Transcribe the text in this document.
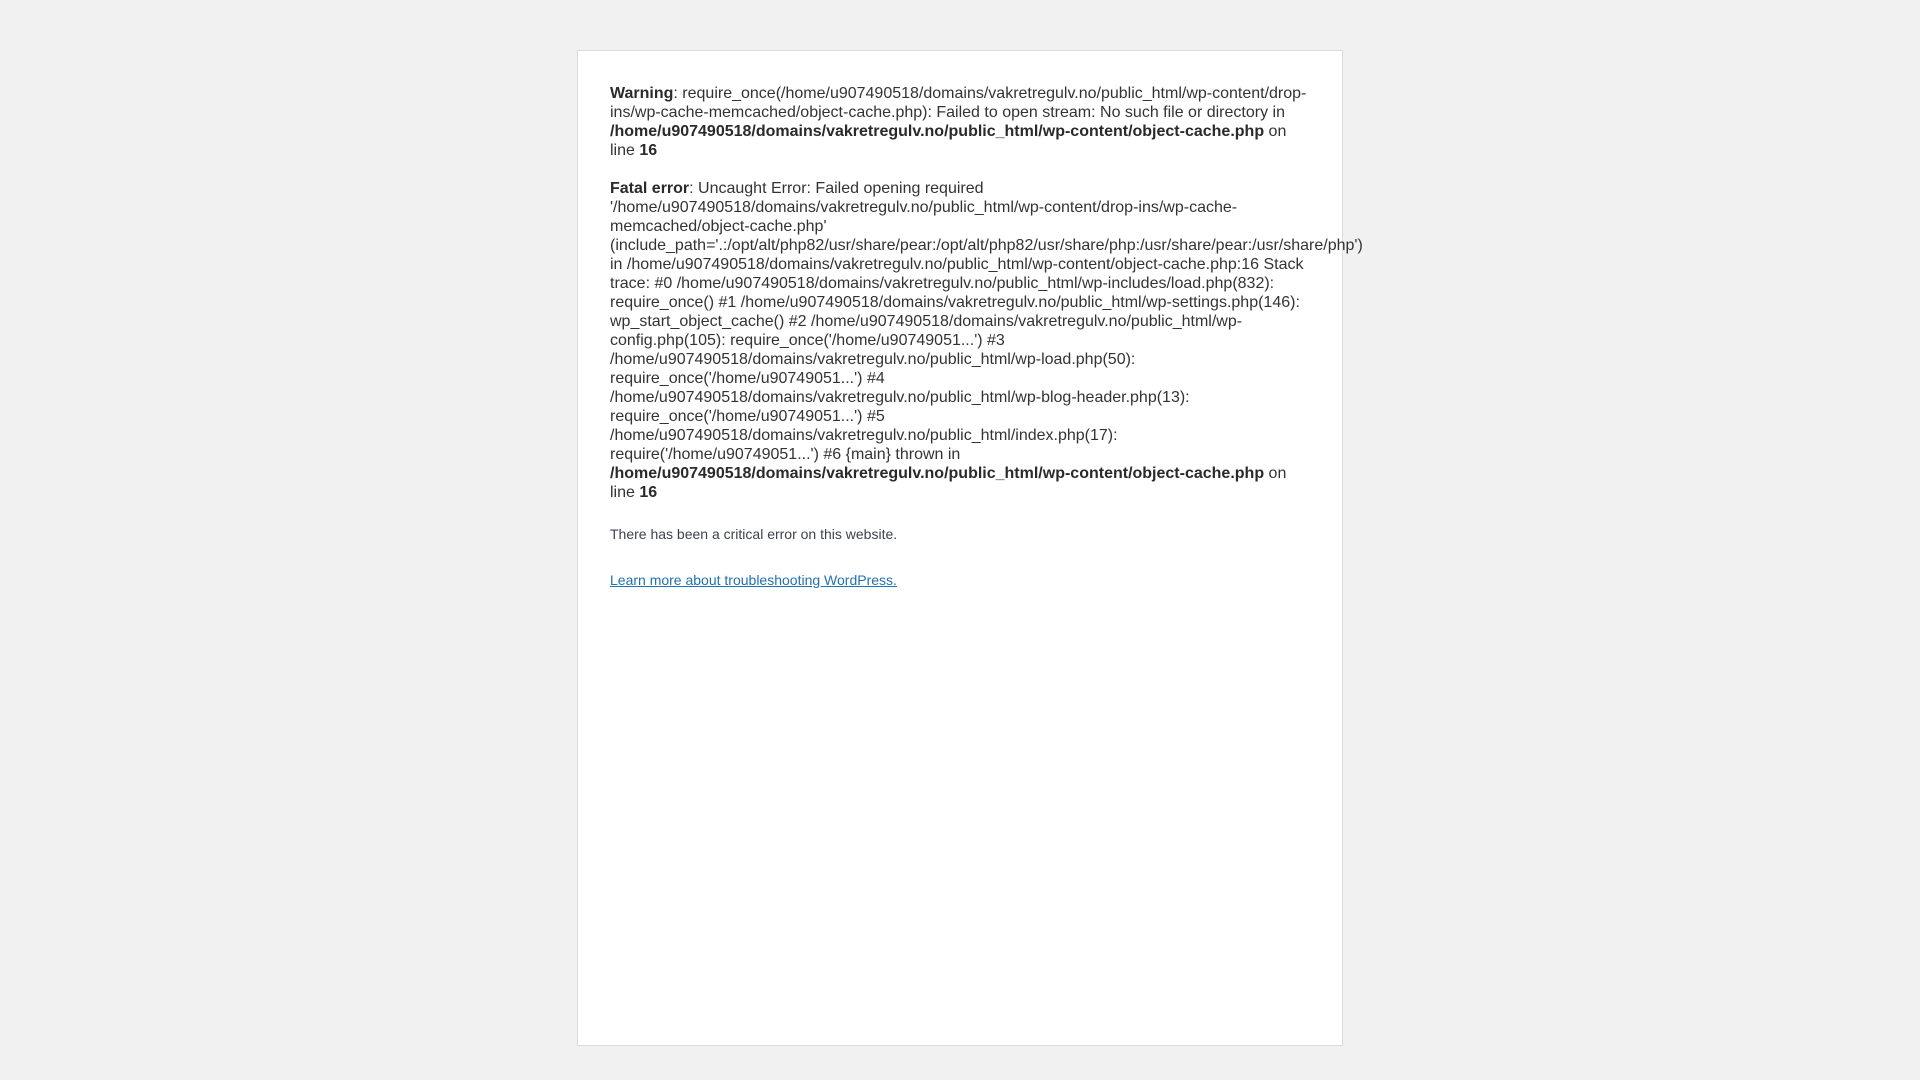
Warning: require_once(/home/u907490518/domains/vakretregulv.no/public_html/wp-content/drop-ins/wp-cache-memcached/object-cache.php): Failed to open stream: No such file or directory in /home/u907490518/domains/vakretregulv.no/public_html/wp-content/object-cache.php on line 16

Fatal error: Uncaught Error: Failed opening required '/home/u907490518/domains/vakretregulv.no/public_html/wp-content/drop-ins/wp-cache-memcached/object-cache.php' (include_path='.:/opt/alt/php82/usr/share/pear:/opt/alt/php82/usr/share/php:/usr/share/pear:/usr/share/php') in /home/u907490518/domains/vakretregulv.no/public_html/wp-content/object-cache.php:16 Stack trace: #0 /home/u907490518/domains/vakretregulv.no/public_html/wp-includes/load.php(832): require_once() #1 /home/u907490518/domains/vakretregulv.no/public_html/wp-settings.php(146): wp_start_object_cache() #2 /home/u907490518/domains/vakretregulv.no/public_html/wp-config.php(105): require_once('/home/u90749051...') #3 /home/u907490518/domains/vakretregulv.no/public_html/wp-load.php(50): require_once('/home/u90749051...') #4 /home/u907490518/domains/vakretregulv.no/public_html/wp-blog-header.php(13): require_once('/home/u90749051...') #5 /home/u907490518/domains/vakretregulv.no/public_html/index.php(17): require('/home/u90749051...') #6 {main} thrown in /home/u907490518/domains/vakretregulv.no/public_html/wp-content/object-cache.php on line 16

There has been a critical error on this website.

Learn more about troubleshooting WordPress.
